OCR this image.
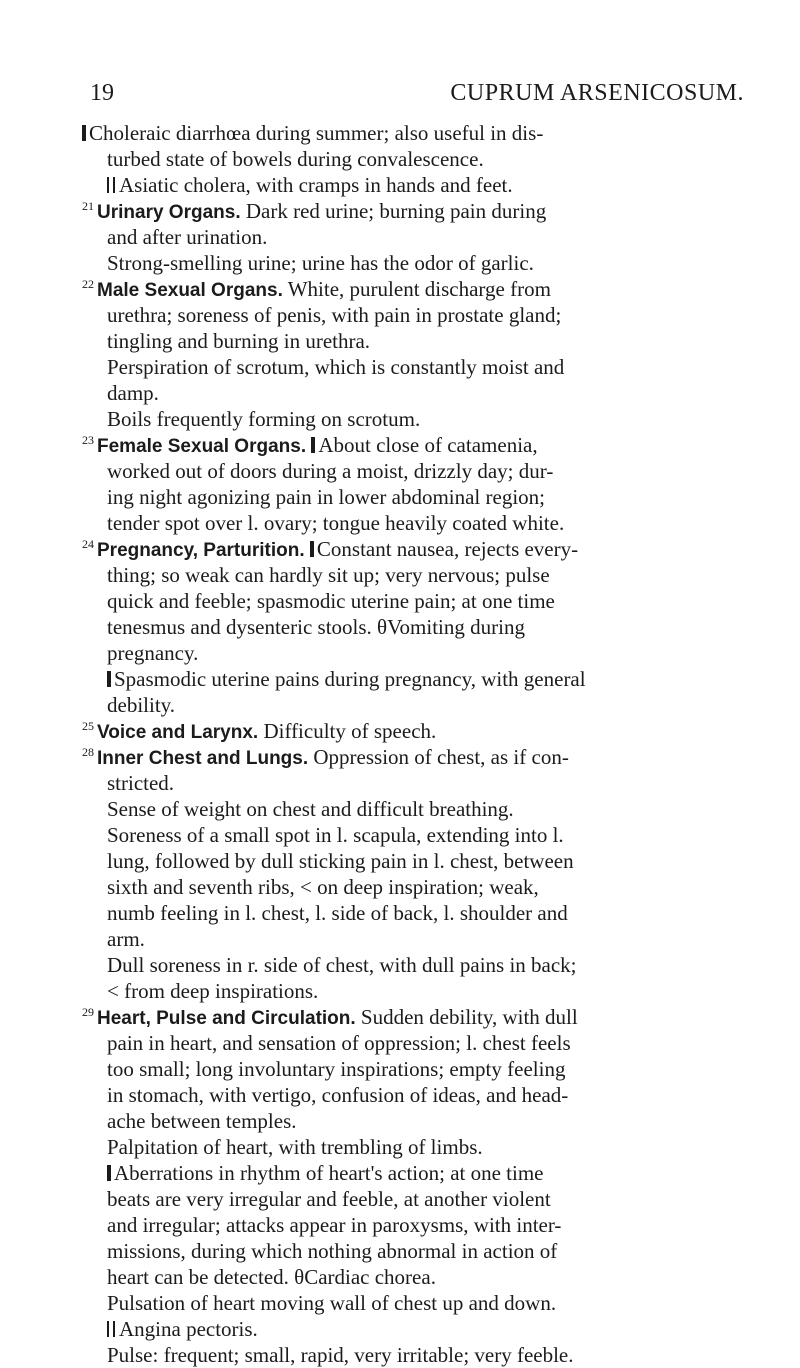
19	CUPRUM ARSENICOSUM.
Choleraic diarrhœa during summer; also useful in dis-
turbed state of bowels during convalescence.
Asiatic cholera, with cramps in hands and feet.
$^{21}$ Urinary Organs. Dark red urine; burning pain during
and after urination.
Strong-smelling urine; urine has the odor of garlic.
$^{22}$ Male Sexual Organs. White, purulent discharge from
urethra; soreness of penis, with pain in prostate gland;
tingling and burning in urethra.
Perspiration of scrotum, which is constantly moist and
damp.
Boils frequently forming on scrotum.
$^{23}$ Female Sexual Organs. About close of catamenia,
worked out of doors during a moist, drizzly day; dur-
ing night agonizing pain in lower abdominal region;
tender spot over l. ovary; tongue heavily coated white.
$^{24}$ Pregnancy, Parturition. Constant nausea, rejects every-
thing; so weak can hardly sit up; very nervous; pulse
quick and feeble; spasmodic uterine pain; at one time
tenesmus and dysenteric stools. θVomiting during
pregnancy.
Spasmodic uterine pains during pregnancy, with general
debility.
$^{25}$ Voice and Larynx. Difficulty of speech.
$^{28}$ Inner Chest and Lungs. Oppression of chest, as if con-
stricted.
Sense of weight on chest and difficult breathing.
Soreness of a small spot in l. scapula, extending into l.
lung, followed by dull sticking pain in l. chest, between
sixth and seventh ribs, < on deep inspiration; weak,
numb feeling in l. chest, l. side of back, l. shoulder and
arm.
Dull soreness in r. side of chest, with dull pains in back;
< from deep inspirations.
$^{29}$ Heart, Pulse and Circulation. Sudden debility, with dull
pain in heart, and sensation of oppression; l. chest feels
too small; long involuntary inspirations; empty feeling
in stomach, with vertigo, confusion of ideas, and head-
ache between temples.
Palpitation of heart, with trembling of limbs.
Aberrations in rhythm of heart's action; at one time
beats are very irregular and feeble, at another violent
and irregular; attacks appear in paroxysms, with inter-
missions, during which nothing abnormal in action of
heart can be detected. θCardiac chorea.
Pulsation of heart moving wall of chest up and down.
Angina pectoris.
Pulse: frequent; small, rapid, very irritable; very feeble.
